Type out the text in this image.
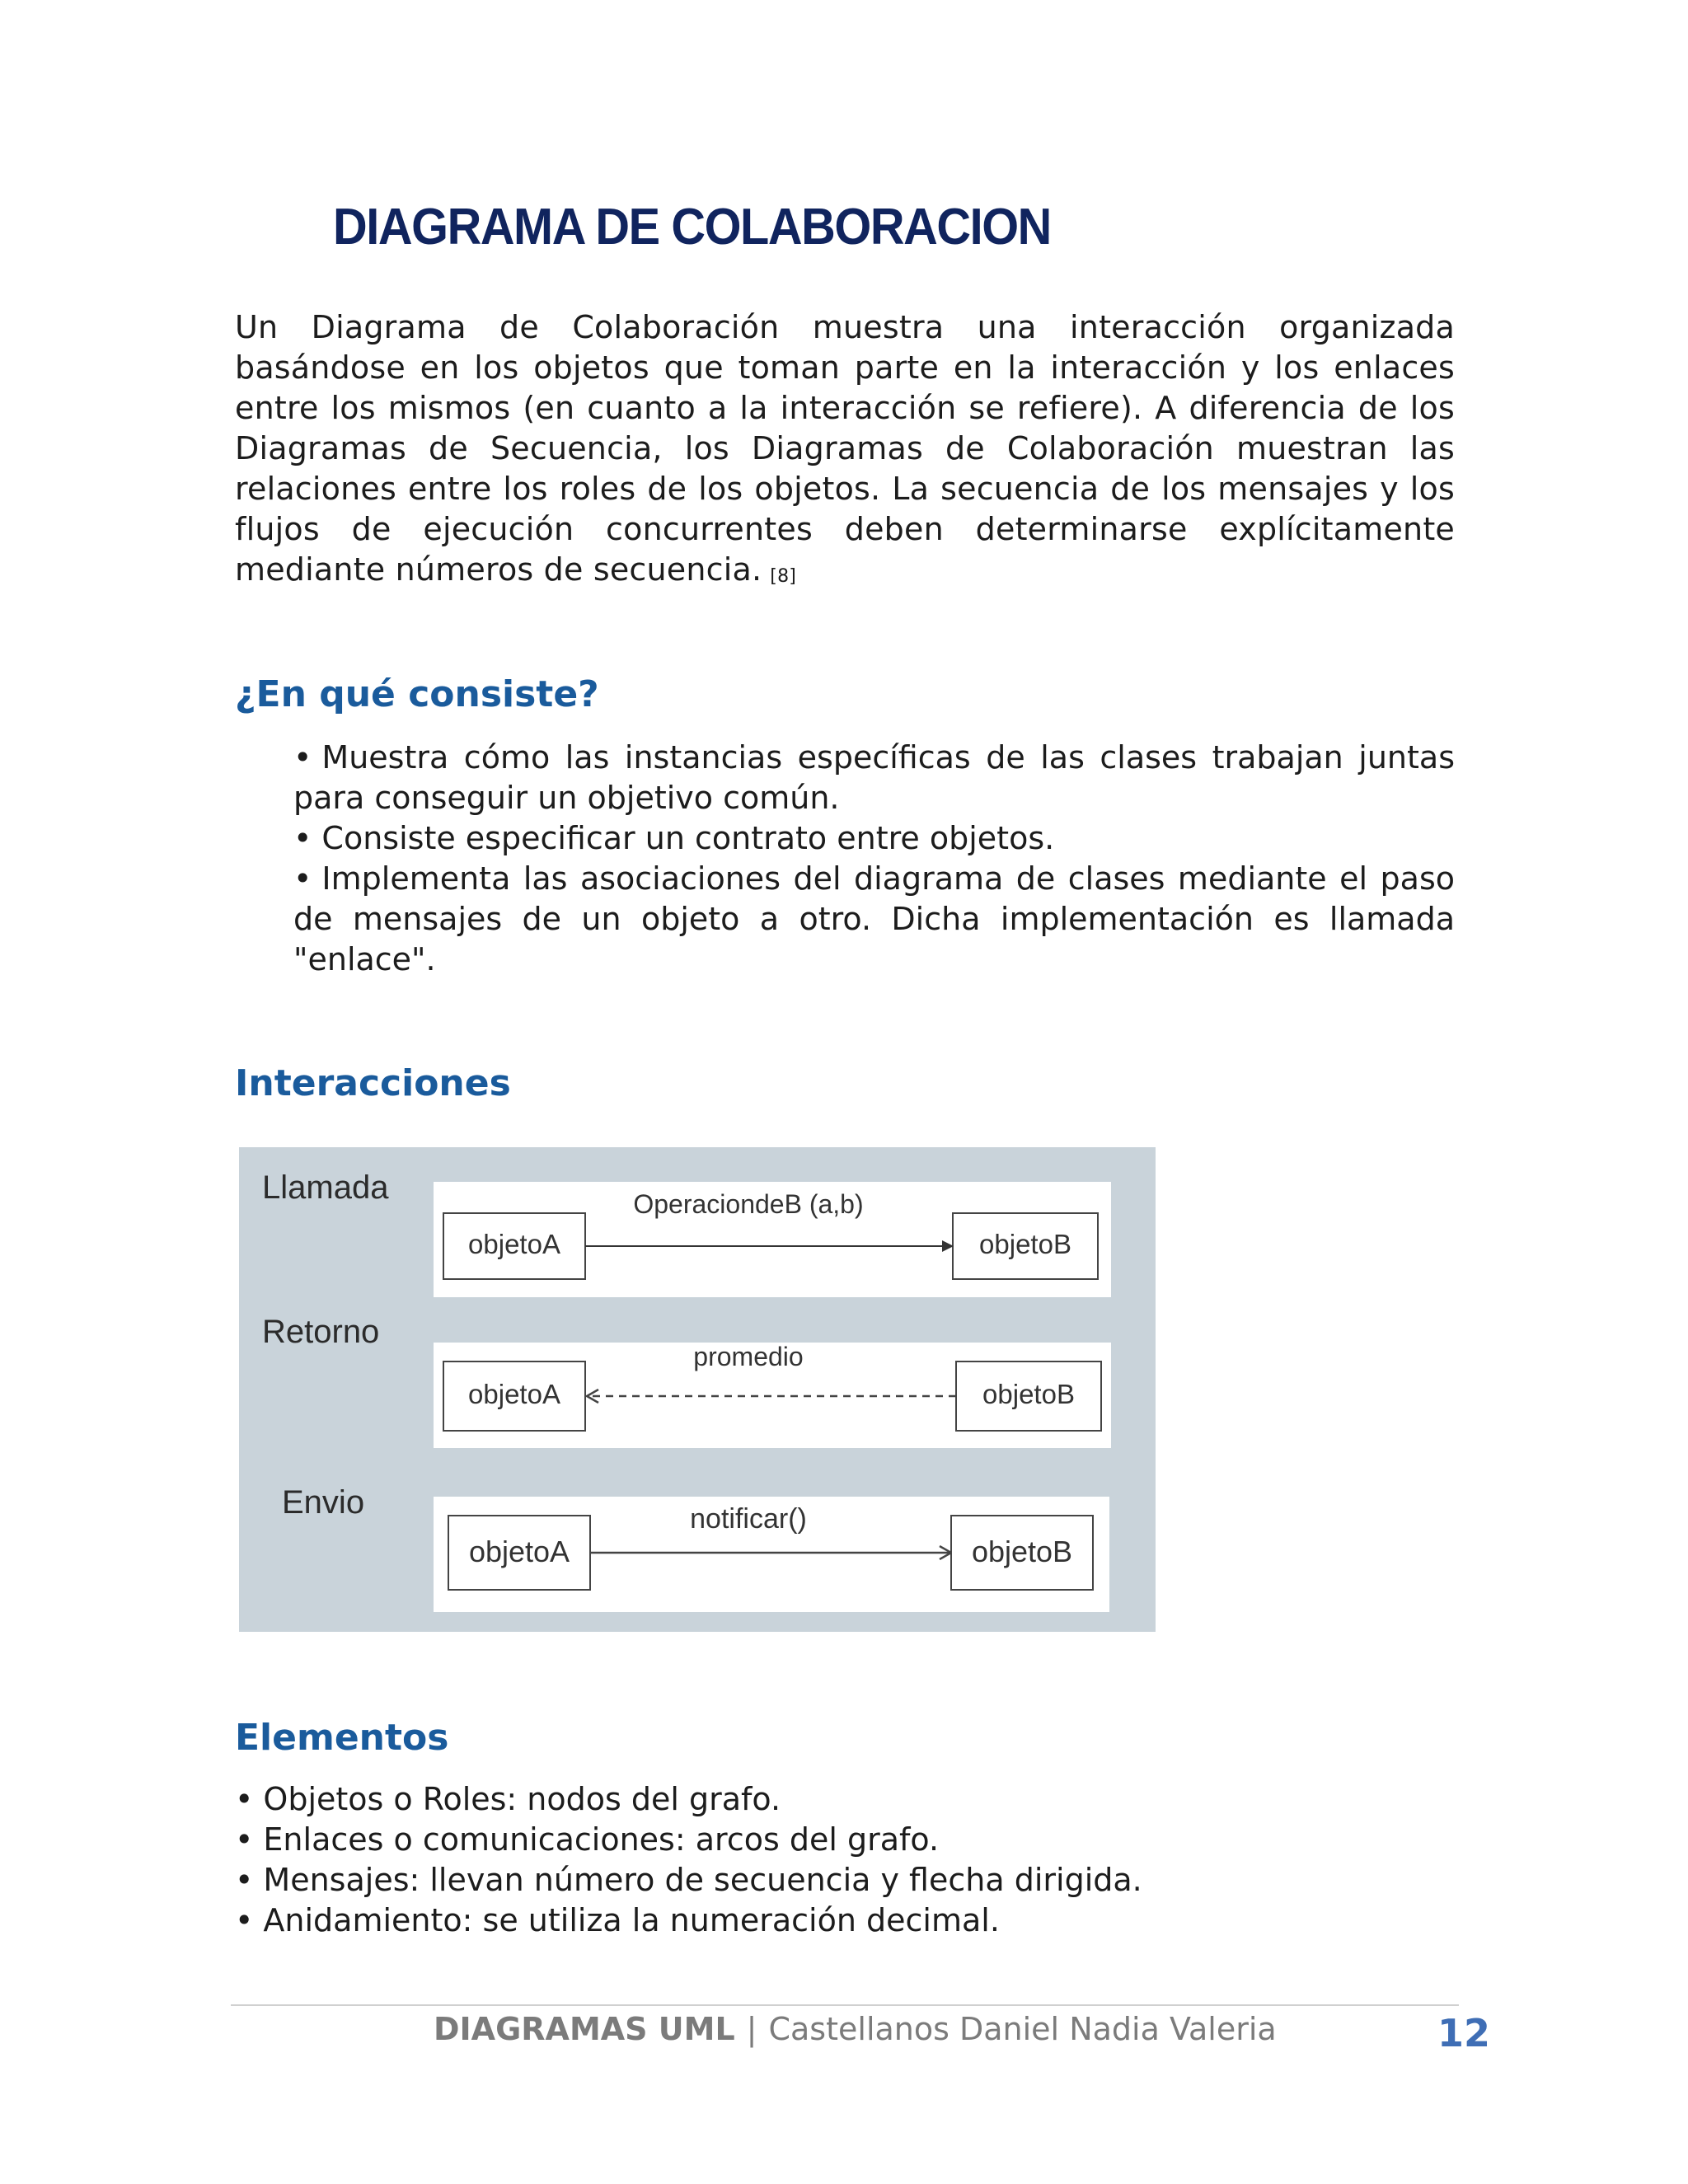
DIAGRAMA DE COLABORACION

Un Diagrama de Colaboración muestra una interacción organizada basándose en los objetos que toman parte en la interacción y los enlaces entre los mismos (en cuanto a la interacción se refiere). A diferencia de los Diagramas de Secuencia, los Diagramas de Colaboración muestran las relaciones entre los roles de los objetos. La secuencia de los mensajes y los flujos de ejecución concurrentes deben determinarse explícitamente mediante números de secuencia. [8]

¿En qué consiste?
• Muestra cómo las instancias específicas de las clases trabajan juntas para conseguir un objetivo común.
• Consiste especificar un contrato entre objetos.
• Implementa las asociaciones del diagrama de clases mediante el paso de mensajes de un objeto a otro. Dicha implementación es llamada "enlace".
Interacciones
Llamada
objetoA	objetoB
OperaciondeB (a,b)
Retorno
objetoA	objetoB
promedio
Envio
objetoA	objetoB
notificar()
Elementos
• Objetos o Roles: nodos del grafo.
• Enlaces o comunicaciones: arcos del grafo.
• Mensajes: llevan número de secuencia y flecha dirigida.
• Anidamiento: se utiliza la numeración decimal.
DIAGRAMAS UML | Castellanos Daniel Nadia Valeria	12
